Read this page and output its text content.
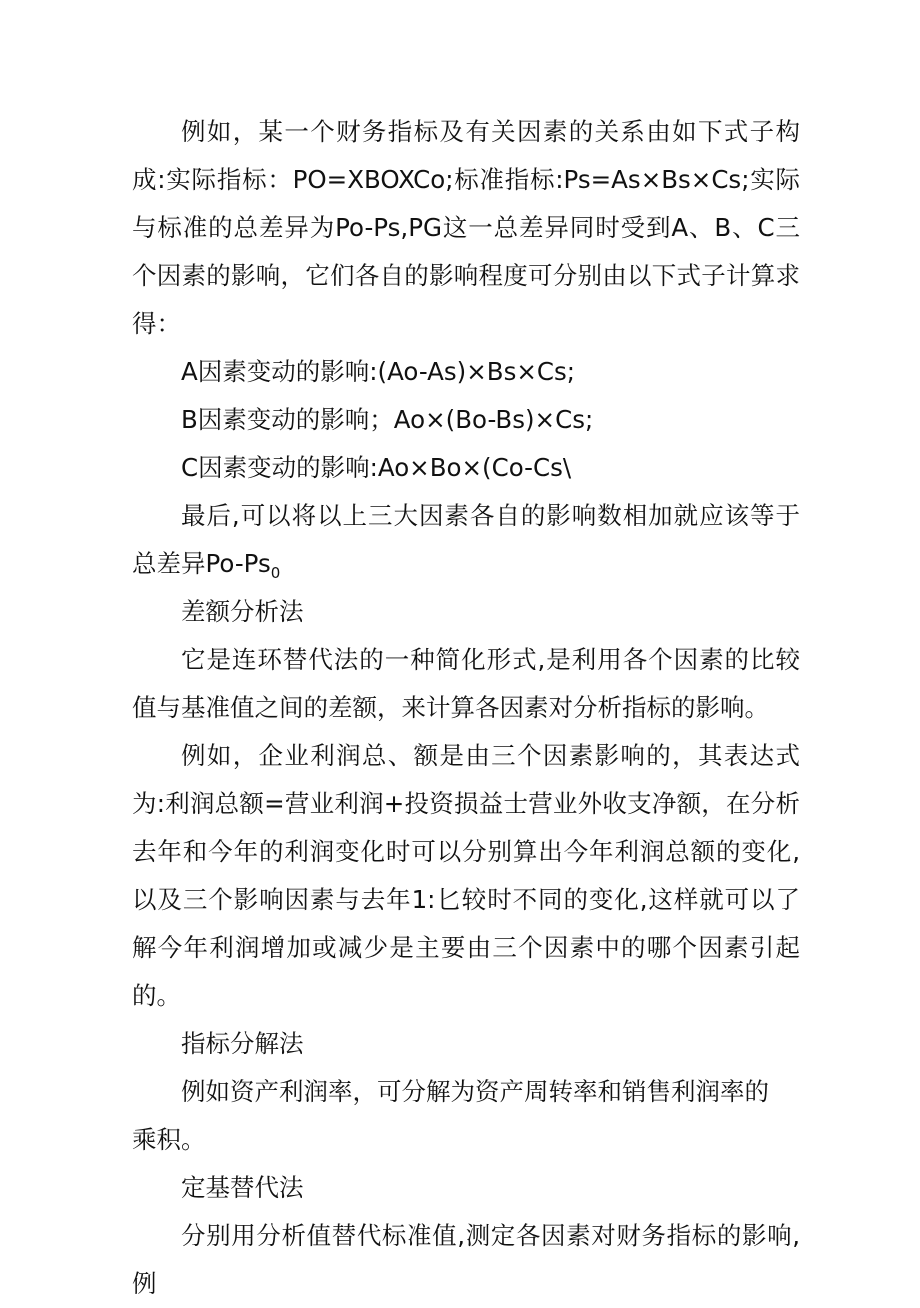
例如，某一个财务指标及有关因素的关系由如下式子构成:实际指标：PO=XBOXCo;标准指标:Ps=As×Bs×Cs;实际与标准的总差异为Po-Ps,PG这一总差异同时受到A、B、C三个因素的影响，它们各自的影响程度可分别由以下式子计算求得：

A因素变动的影响:(Ao-As)×Bs×Cs;

B因素变动的影响；Ao×(Bo-Bs)×Cs;

C因素变动的影响:Ao×Bo×(Co-Cs\

最后,可以将以上三大因素各自的影响数相加就应该等于总差异$Po-Ps_0$

差额分析法

它是连环替代法的一种简化形式,是利用各个因素的比较值与基准值之间的差额，来计算各因素对分析指标的影响。

例如，企业利润总、额是由三个因素影响的，其表达式为:利润总额=营业利润+投资损益士营业外收支净额，在分析去年和今年的利润变化时可以分别算出今年利润总额的变化,以及三个影响因素与去年1:匕较时不同的变化,这样就可以了解今年利润增加或减少是主要由三个因素中的哪个因素引起的。

指标分解法

例如资产利润率，可分解为资产周转率和销售利润率的

乘积。

定基替代法

分别用分析值替代标准值,测定各因素对财务指标的影响,例
